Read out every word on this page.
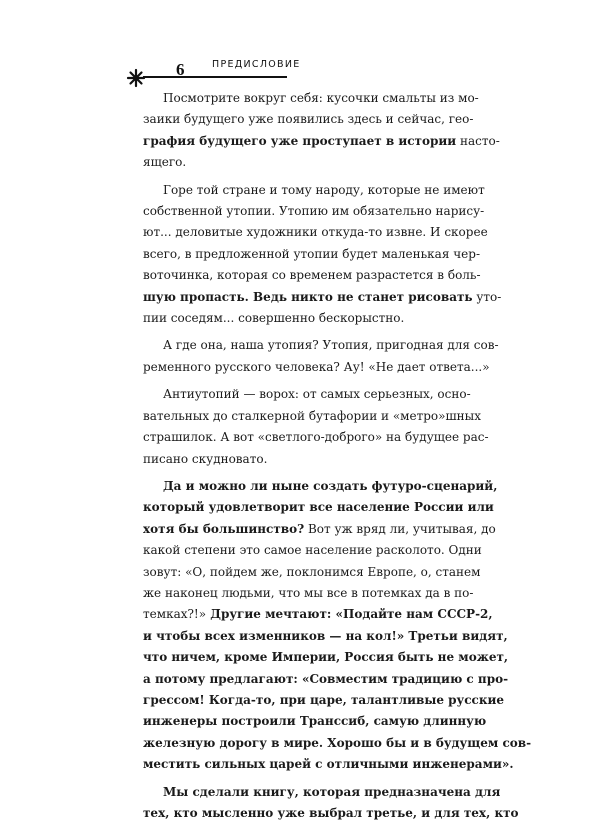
6	ПРЕДИСЛОВИЕ

Посмотрите вокруг себя: кусочки смальты из мо-
заики будущего уже появились здесь и сейчас, гео-
графия будущего уже проступает в истории насто-
ящего.

Горе той стране и тому народу, которые не имеют
собственной утопии. Утопию им обязательно нарису-
ют... деловитые художники откуда-то извне. И скорее
всего, в предложенной утопии будет маленькая чер-
воточинка, которая со временем разрастется в боль-
шую пропасть. Ведь никто не станет рисовать уто-
пии соседям... совершенно бескорыстно.

А где она, наша утопия? Утопия, пригодная для сов-
ременного русского человека? Ау! «Не дает ответа...»

Антиутопий — ворох: от самых серьезных, осно-
вательных до сталкерной бутафории и «метро»шных
страшилок. А вот «светлого-доброго» на будущее рас-
писано скудновато.

Да и можно ли ныне создать футуро-сценарий,
который удовлетворит все население России или
хотя бы большинство? Вот уж вряд ли, учитывая, до
какой степени это самое население расколото. Одни
зовут: «О, пойдем же, поклонимся Европе, о, станем
же наконец людьми, что мы все в потемках да в по-
темках?!» Другие мечтают: «Подайте нам СССР-2,
и чтобы всех изменников — на кол!» Третьи видят,
что ничем, кроме Империи, Россия быть не может,
а потому предлагают: «Совместим традицию с про-
грессом! Когда-то, при царе, талантливые русские
инженеры построили Транссиб, самую длинную
железную дорогу в мире. Хорошо бы и в будущем сов-
местить сильных царей с отличными инженерами».

Мы сделали книгу, которая предназначена для
тех, кто мысленно уже выбрал третье, и для тех, кто
